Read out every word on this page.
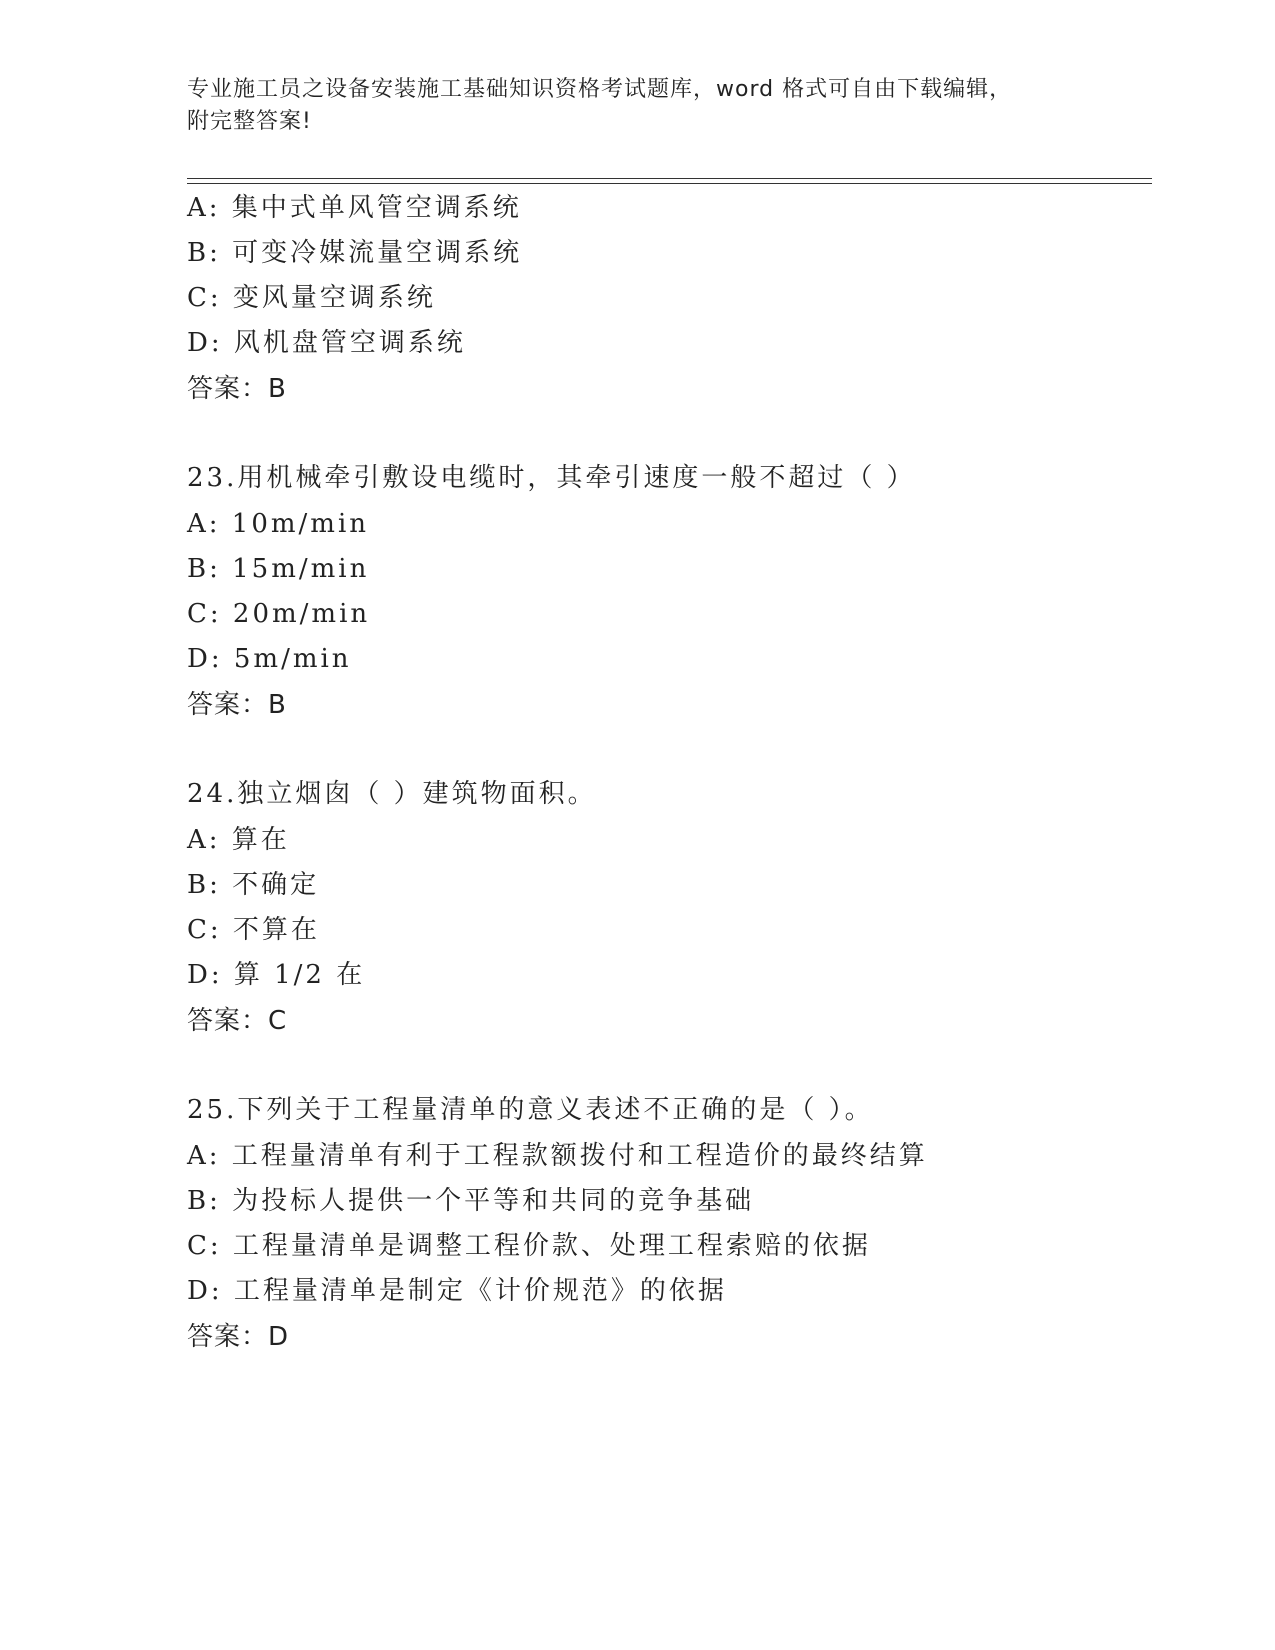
专业施工员之设备安装施工基础知识资格考试题库，word 格式可自由下载编辑，
附完整答案!
A: 集中式单风管空调系统
B: 可变冷媒流量空调系统
C: 变风量空调系统
D: 风机盘管空调系统
答案：B
23.用机械牵引敷设电缆时，其牵引速度一般不超过（ ）
A: 10m/min
B: 15m/min
C: 20m/min
D: 5m/min
答案：B
24.独立烟囱（ ）建筑物面积。
A: 算在
B: 不确定
C: 不算在
D: 算 1/2 在
答案：C
25.下列关于工程量清单的意义表述不正确的是（ ）。
A: 工程量清单有利于工程款额拨付和工程造价的最终结算
B: 为投标人提供一个平等和共同的竞争基础
C: 工程量清单是调整工程价款、处理工程索赔的依据
D: 工程量清单是制定《计价规范》的依据
答案：D
